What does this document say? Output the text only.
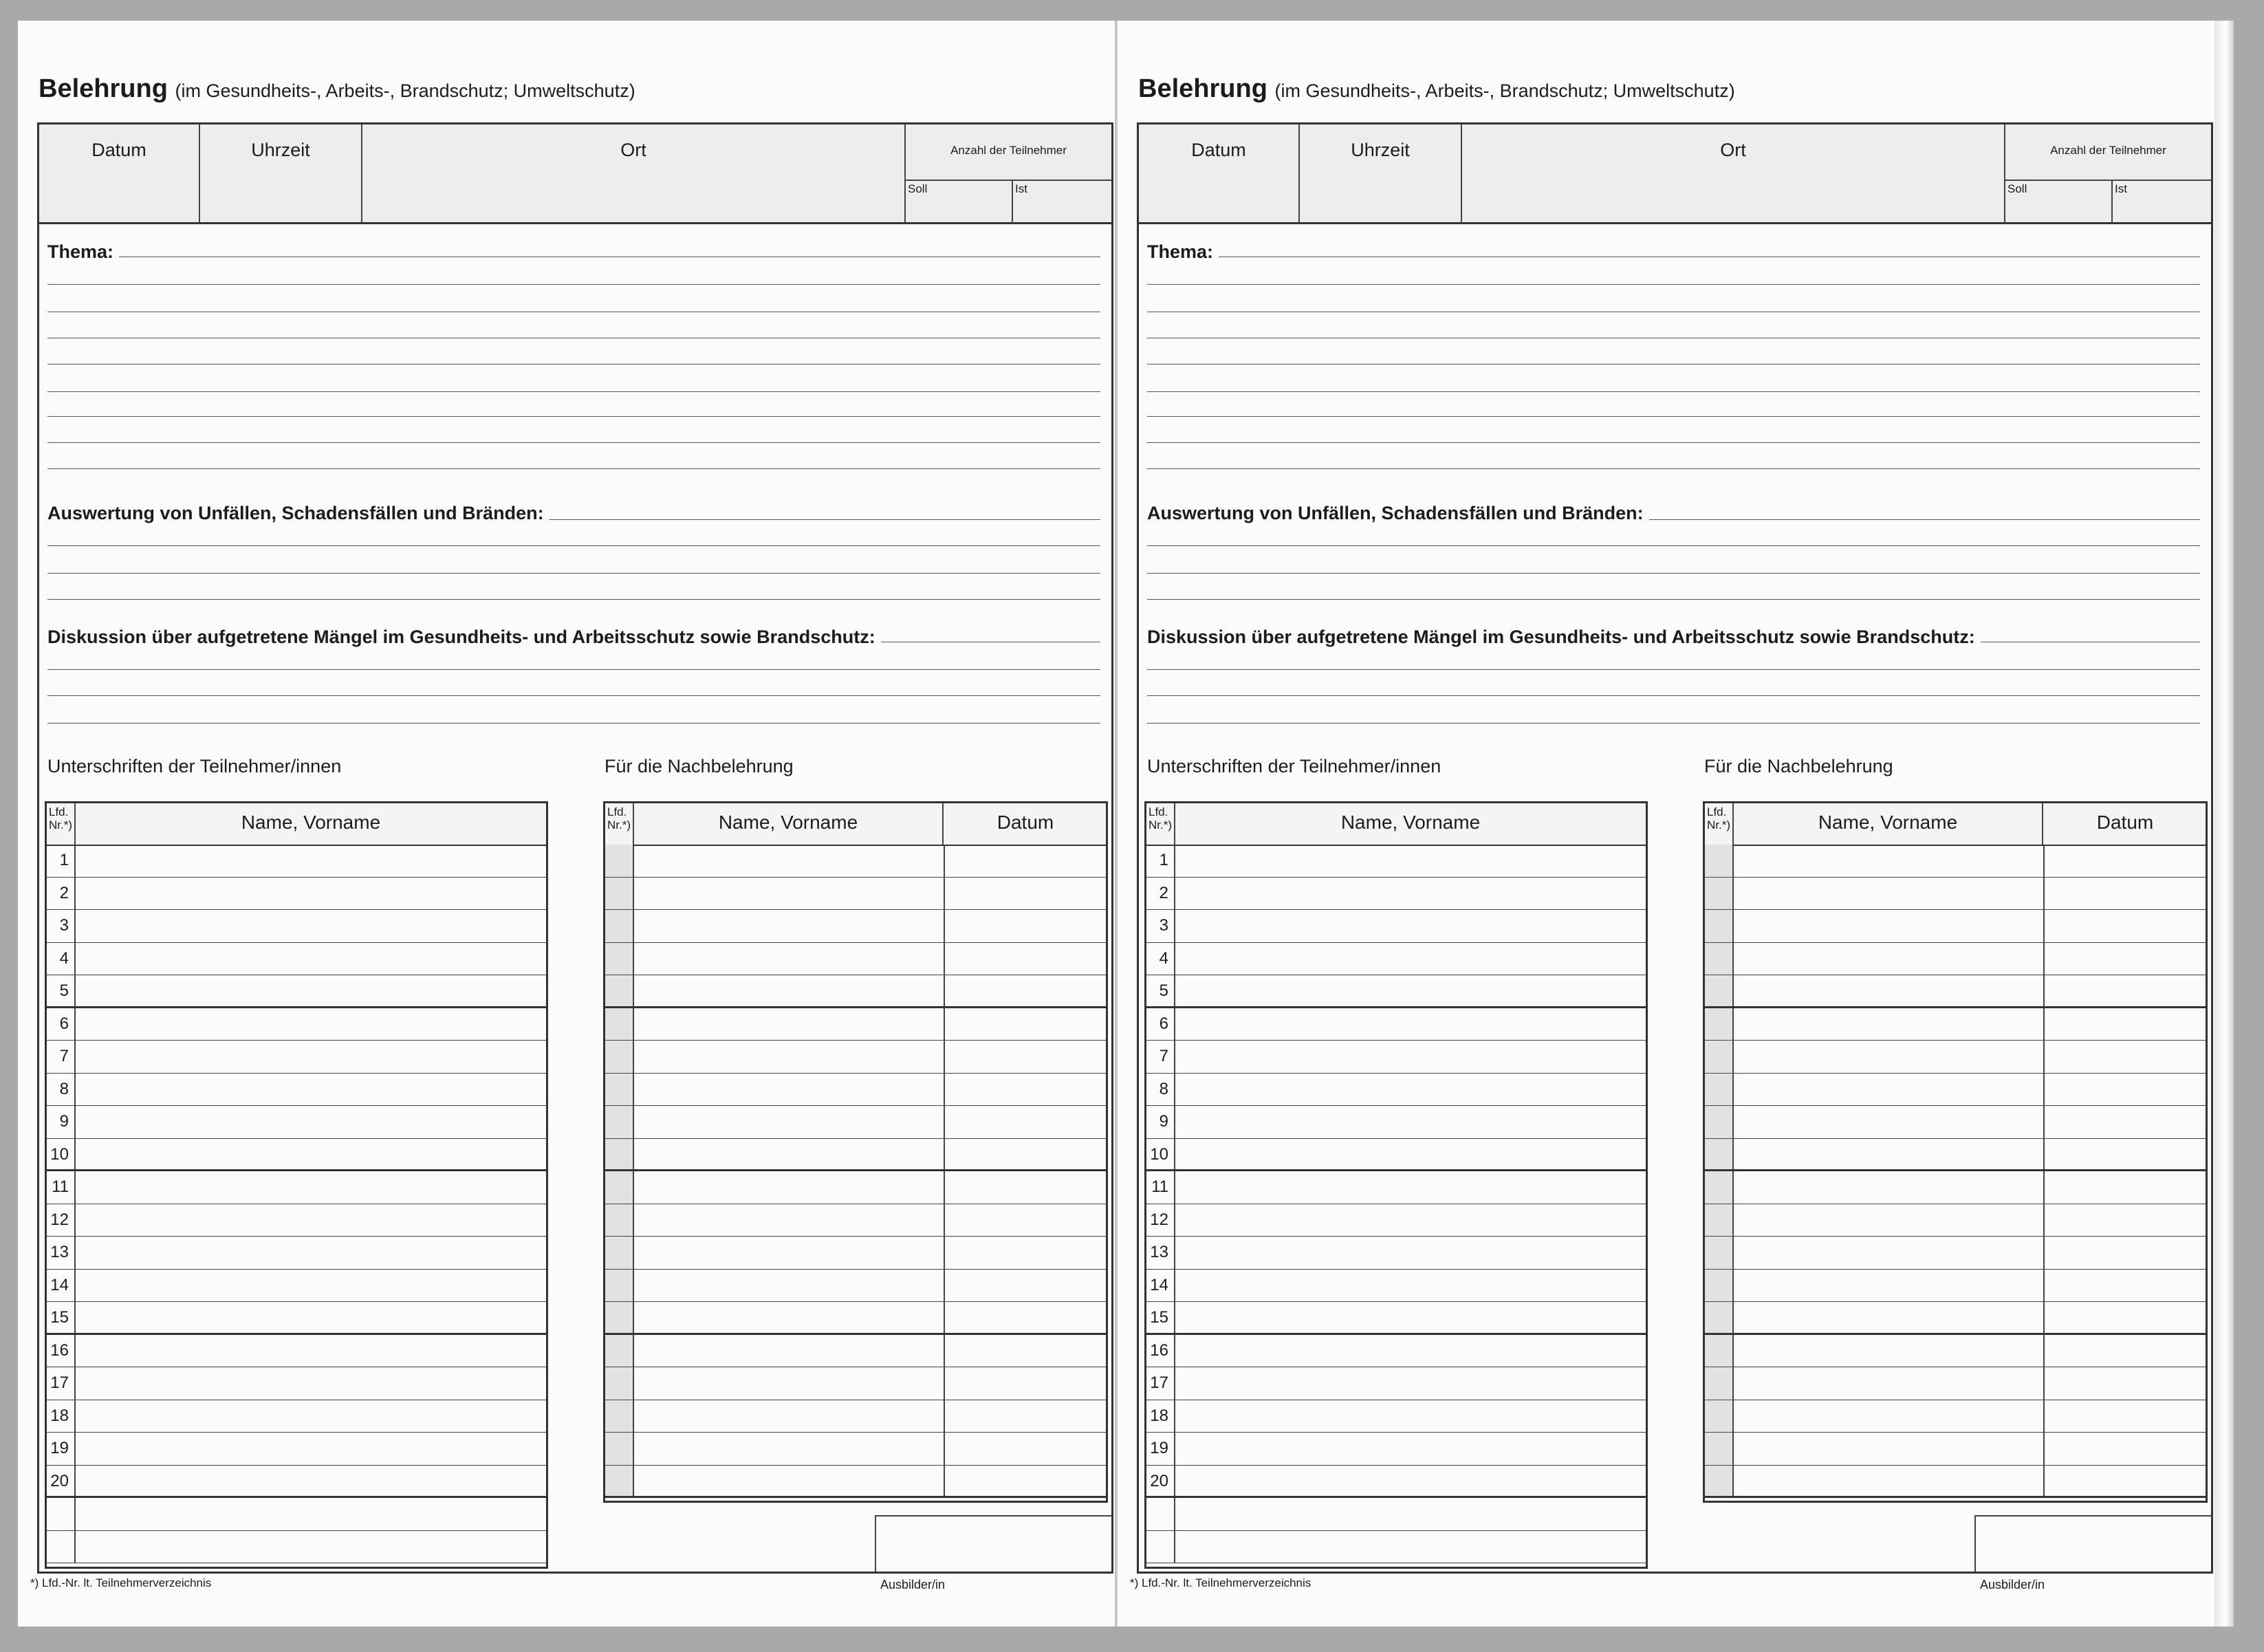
Belehrung (im Gesundheits-, Arbeits-, Brandschutz; Umweltschutz)
Datum	Uhrzeit	Ort	Anzahl der Teilnehmer
Soll	Ist
Thema:
Auswertung von Unfällen, Schadensfällen und Bränden:
Diskussion über aufgetretene Mängel im Gesundheits- und Arbeitsschutz sowie Brandschutz:
Unterschriften der Teilnehmer/innen	Für die Nachbelehrung
Lfd.
Nr.*)	Name, Vorname
1
2
3
4
5
6
7
8
9
10
11
12
13
14
15
16
17
18
19
20
Lfd.
Nr.*)	Name, Vorname	Datum
*) Lfd.-Nr. lt. Teilnehmerverzeichnis	Ausbilder/in
Belehrung (im Gesundheits-, Arbeits-, Brandschutz; Umweltschutz)
Datum	Uhrzeit	Ort	Anzahl der Teilnehmer
Soll	Ist
Thema:
Auswertung von Unfällen, Schadensfällen und Bränden:
Diskussion über aufgetretene Mängel im Gesundheits- und Arbeitsschutz sowie Brandschutz:
Unterschriften der Teilnehmer/innen	Für die Nachbelehrung
Lfd.
Nr.*)	Name, Vorname
1
2
3
4
5
6
7
8
9
10
11
12
13
14
15
16
17
18
19
20
Lfd.
Nr.*)	Name, Vorname	Datum
*) Lfd.-Nr. lt. Teilnehmerverzeichnis	Ausbilder/in
